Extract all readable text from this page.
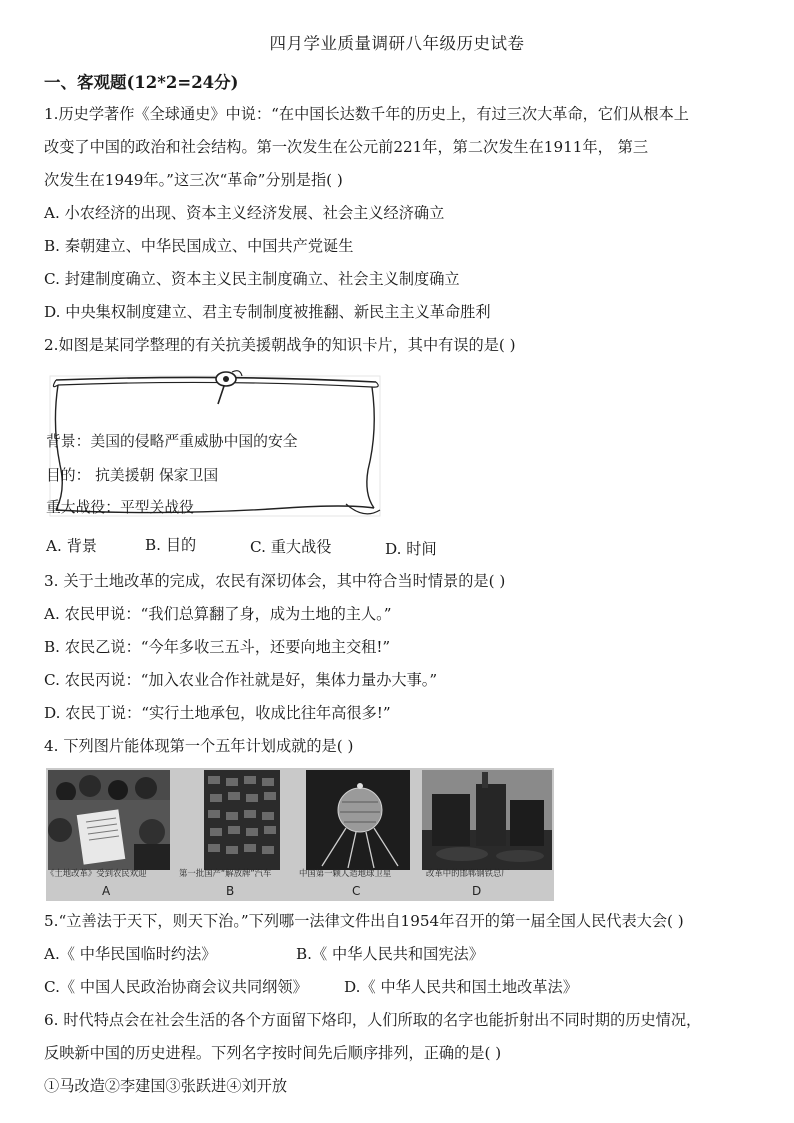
四月学业质量调研八年级历史试卷
一、客观题(12*2=24分)
1.历史学著作《全球通史》中说：“在中国长达数千年的历史上，有过三次大革命，它们从根本上
改变了中国的政治和社会结构。第一次发生在公元前221年，第二次发生在1911年， 第三
次发生在1949年。”这三次“革命”分别是指( )
A. 小农经济的出现、资本主义经济发展、社会主义经济确立
B. 秦朝建立、中华民国成立、中国共产党诞生
C. 封建制度确立、资本主义民主制度确立、社会主义制度确立
D. 中央集权制度建立、君主专制制度被推翻、新民主主义革命胜利
2.如图是某同学整理的有关抗美援朝战争的知识卡片，其中有误的是( )
背景：美国的侵略严重威胁中国的安全
目的： 抗美援朝 保家卫国
重大战役：平型关战役
A. 背景	B. 目的	C. 重大战役	D. 时间
3. 关于土地改革的完成，农民有深切体会，其中符合当时情景的是( )
A. 农民甲说：“我们总算翻了身，成为土地的主人。”
B. 农民乙说：“今年多收三五斗，还要向地主交租!”
C. 农民丙说：“加入农业合作社就是好，集体力量办大事。”
D. 农民丁说：“实行土地承包，收成比往年高很多!”
4. 下列图片能体现第一个五年计划成就的是( )
《土地改革》受到农民欢迎	第一批国产“解放牌”汽车	中国第一颗人造地球卫星	改革中的邯郸钢铁总厂
A	B	C	D
5.“立善法于天下，则天下治。”下列哪一法律文件出自1954年召开的第一届全国人民代表大会( )
A.《 中华民国临时约法》	B.《 中华人民共和国宪法》
C.《 中国人民政治协商会议共同纲领》 D.《 中华人民共和国土地改革法》
6. 时代特点会在社会生活的各个方面留下烙印，人们所取的名字也能折射出不同时期的历史情况，
反映新中国的历史进程。下列名字按时间先后顺序排列，正确的是( )
①马改造②李建国③张跃进④刘开放
